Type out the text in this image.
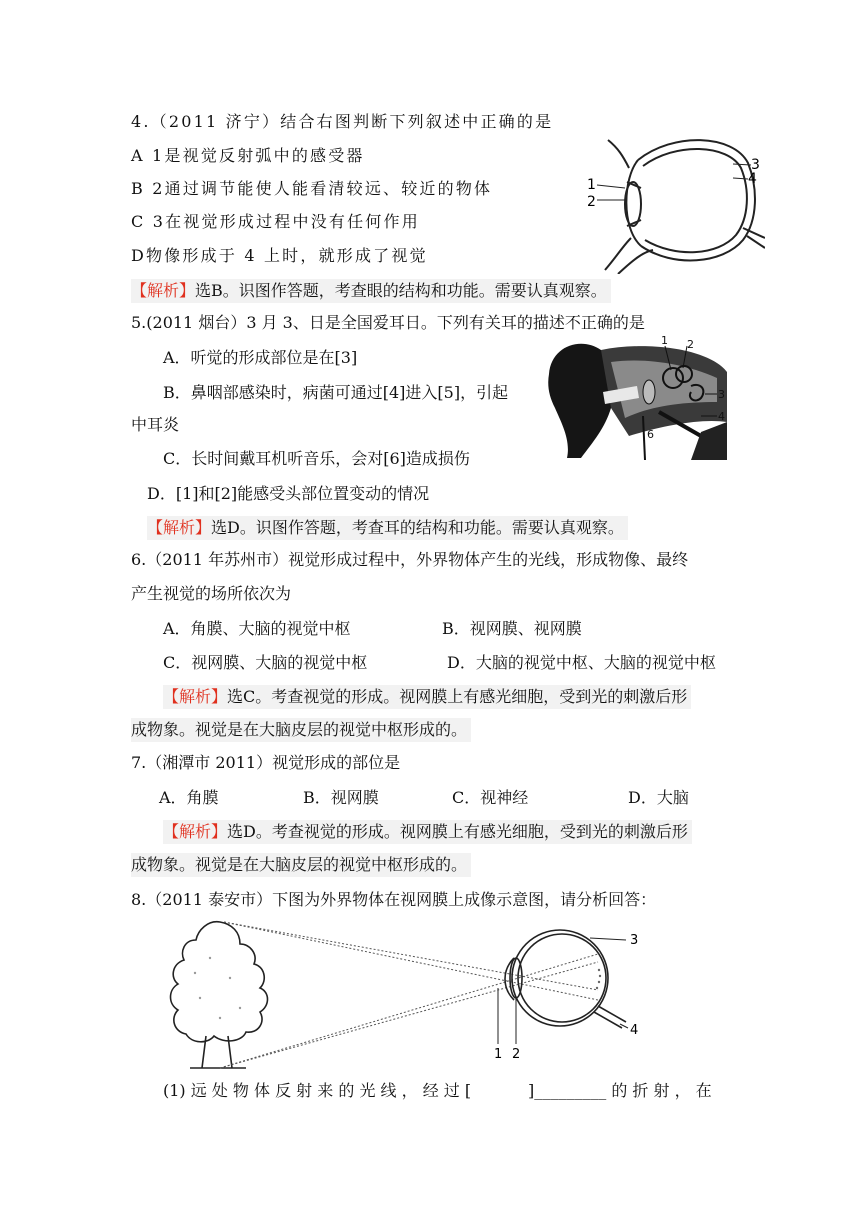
4.（2011 济宁）结合右图判断下列叙述中正确的是
A 1是视觉反射弧中的感受器
B 2通过调节能使人能看清较远、较近的物体
C 3在视觉形成过程中没有任何作用
D物像形成于 4 上时，就形成了视觉
【解析】选B。识图作答题，考查眼的结构和功能。需要认真观察。
1
2
3
4
5.(2011 烟台）3 月 3、日是全国爱耳日。下列有关耳的描述不正确的是
A．听觉的形成部位是在[3]
B．鼻咽部感染时，病菌可通过[4]进入[5]，引起
中耳炎
C．长时间戴耳机听音乐，会对[6]造成损伤
D．[1]和[2]能感受头部位置变动的情况
【解析】选D。识图作答题，考查耳的结构和功能。需要认真观察。
1 2
3
4
5
6
6.（2011 年苏州市）视觉形成过程中，外界物体产生的光线，形成物像、最终
产生视觉的场所依次为
A．角膜、大脑的视觉中枢	B．视网膜、视网膜
C．视网膜、大脑的视觉中枢	D．大脑的视觉中枢、大脑的视觉中枢
【解析】选C。考查视觉的形成。视网膜上有感光细胞，受到光的刺激后形
成物象。视觉是在大脑皮层的视觉中枢形成的。
7.（湘潭市 2011）视觉形成的部位是
A．角膜	B．视网膜	C．视神经	D．大脑
【解析】选D。考查视觉的形成。视网膜上有感光细胞，受到光的刺激后形
成物象。视觉是在大脑皮层的视觉中枢形成的。
8.（2011 泰安市）下图为外界物体在视网膜上成像示意图，请分析回答：
3
4
1 2
(1) 远 处 物 体 反 射 来 的 光 线 ， 经 过 [	]_________ 的 折 射 ， 在
